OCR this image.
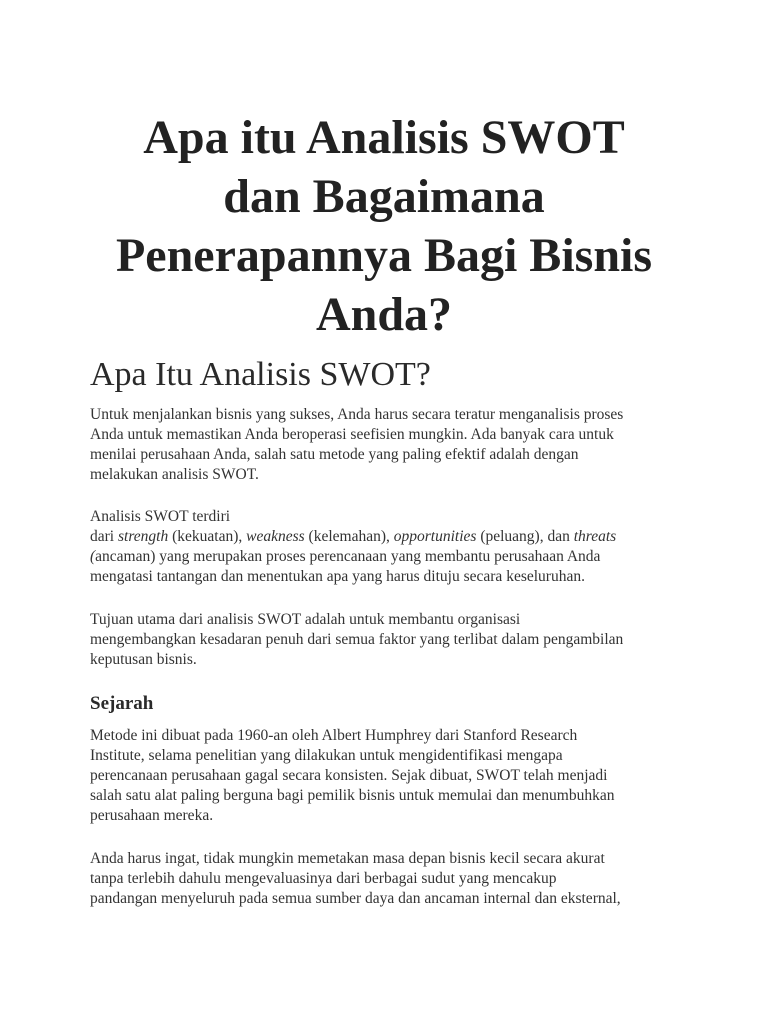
Apa itu Analisis SWOT
dan Bagaimana
Penerapannya Bagi Bisnis
Anda?
Apa Itu Analisis SWOT?

Untuk menjalankan bisnis yang sukses, Anda harus secara teratur menganalisis proses
Anda untuk memastikan Anda beroperasi seefisien mungkin. Ada banyak cara untuk
menilai perusahaan Anda, salah satu metode yang paling efektif adalah dengan
melakukan analisis SWOT.

Analisis SWOT terdiri
dari strength (kekuatan), weakness (kelemahan), opportunities (peluang), dan threats
(ancaman) yang merupakan proses perencanaan yang membantu perusahaan Anda
mengatasi tantangan dan menentukan apa yang harus dituju secara keseluruhan.

Tujuan utama dari analisis SWOT adalah untuk membantu organisasi
mengembangkan kesadaran penuh dari semua faktor yang terlibat dalam pengambilan
keputusan bisnis.

Sejarah

Metode ini dibuat pada 1960-an oleh Albert Humphrey dari Stanford Research
Institute, selama penelitian yang dilakukan untuk mengidentifikasi mengapa
perencanaan perusahaan gagal secara konsisten. Sejak dibuat, SWOT telah menjadi
salah satu alat paling berguna bagi pemilik bisnis untuk memulai dan menumbuhkan
perusahaan mereka.

Anda harus ingat, tidak mungkin memetakan masa depan bisnis kecil secara akurat
tanpa terlebih dahulu mengevaluasinya dari berbagai sudut yang mencakup
pandangan menyeluruh pada semua sumber daya dan ancaman internal dan eksternal,
